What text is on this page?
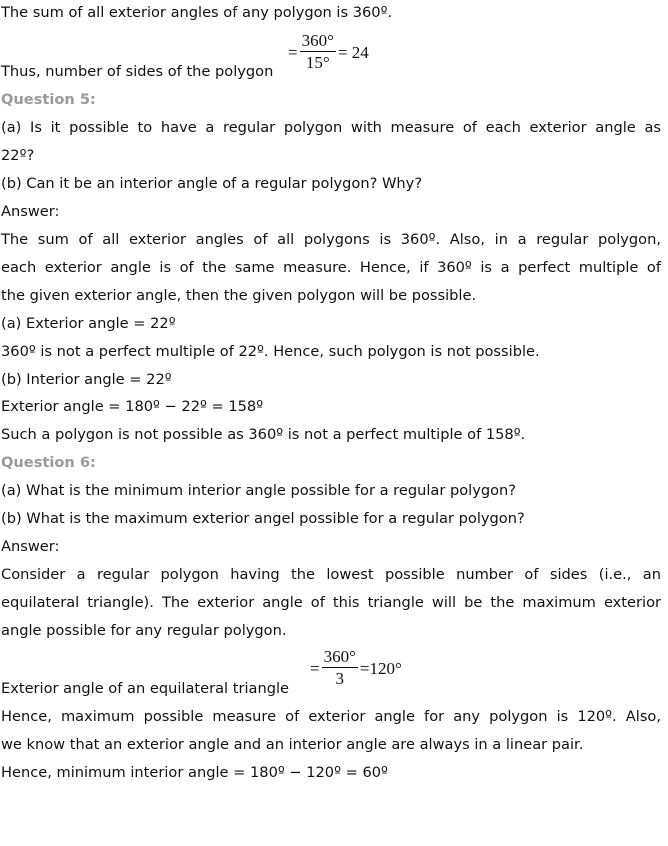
The sum of all exterior angles of any polygon is 360º.
= $\frac{360^\circ}{15^\circ} = 24$
Thus, number of sides of the polygon
Question 5:
(a) Is it possible to have a regular polygon with measure of each exterior angle as
22º?
(b) Can it be an interior angle of a regular polygon? Why?
Answer:
The sum of all exterior angles of all polygons is 360º. Also, in a regular polygon,
each exterior angle is of the same measure. Hence, if 360º is a perfect multiple of
the given exterior angle, then the given polygon will be possible.
(a) Exterior angle = 22º
360º is not a perfect multiple of 22º. Hence, such polygon is not possible.
(b) Interior angle = 22º
Exterior angle = 180º − 22º = 158º
Such a polygon is not possible as 360º is not a perfect multiple of 158º.
Question 6:
(a) What is the minimum interior angle possible for a regular polygon?
(b) What is the maximum exterior angel possible for a regular polygon?
Answer:
Consider a regular polygon having the lowest possible number of sides (i.e., an
equilateral triangle). The exterior angle of this triangle will be the maximum exterior
angle possible for any regular polygon.
= $\frac{360^\circ}{3} =120^\circ$
Exterior angle of an equilateral triangle
Hence, maximum possible measure of exterior angle for any polygon is 120º. Also,
we know that an exterior angle and an interior angle are always in a linear pair.
Hence, minimum interior angle = 180º − 120º = 60º
